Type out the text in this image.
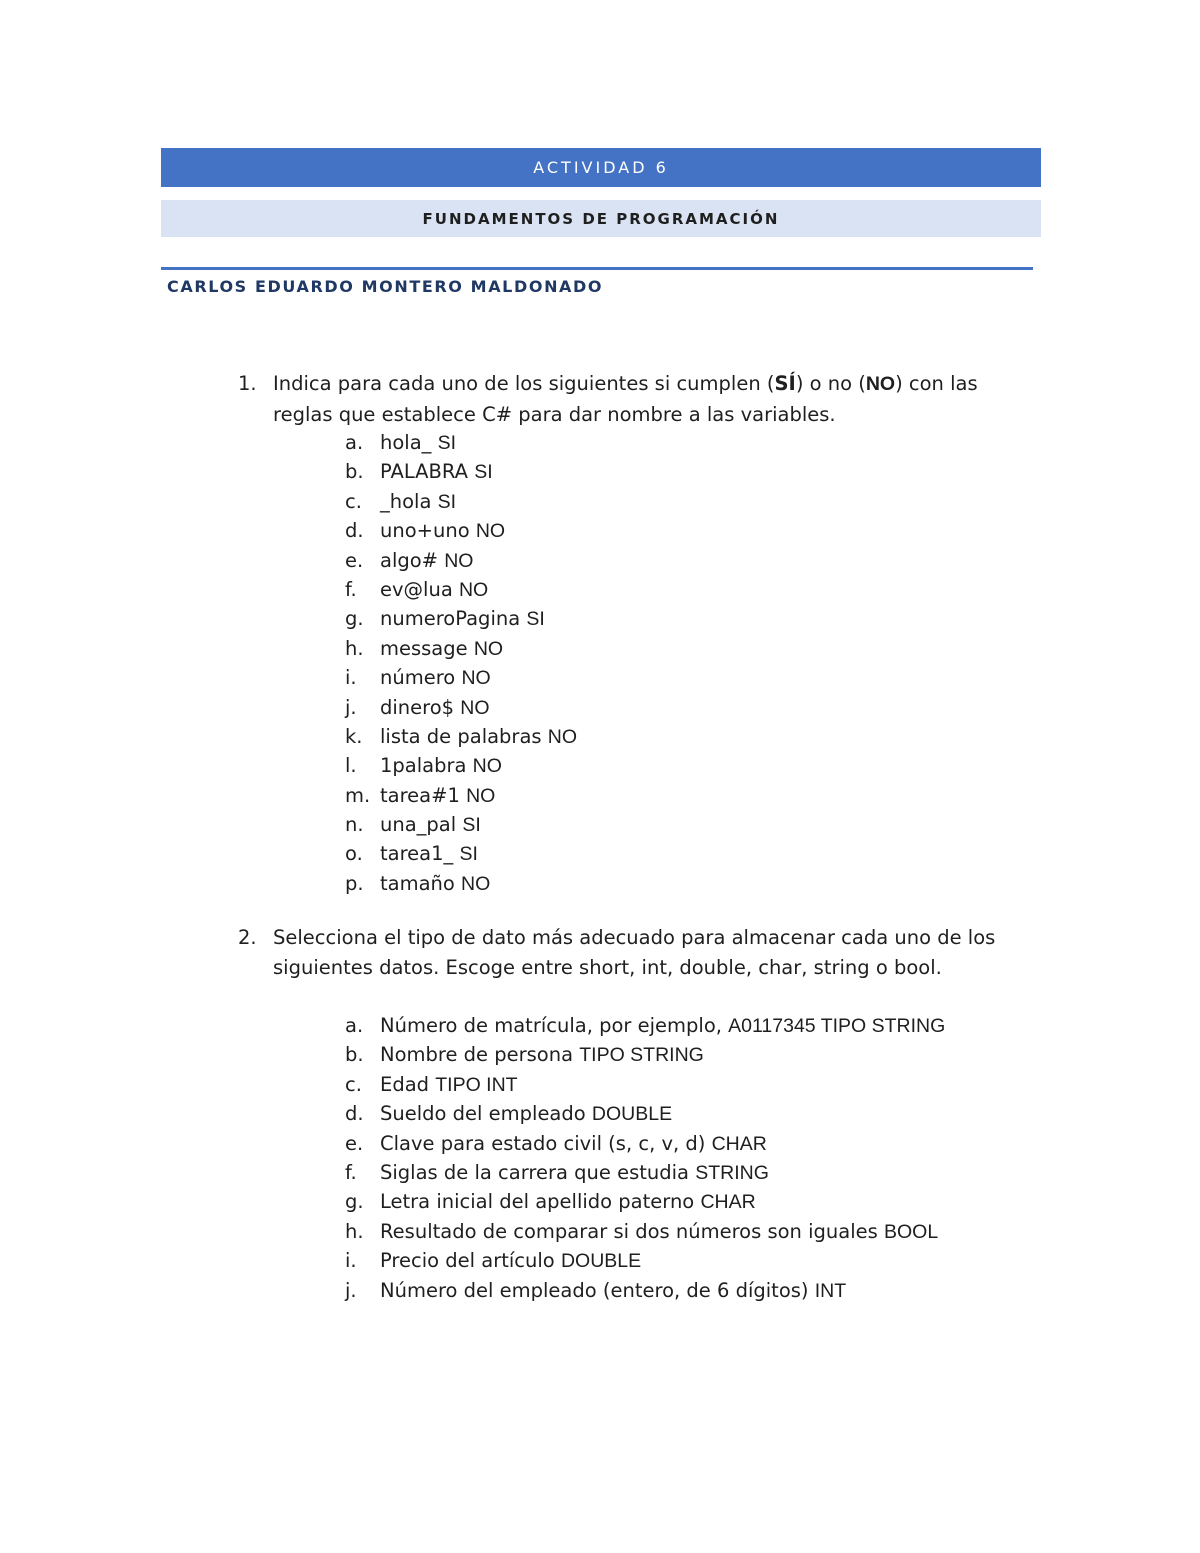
ACTIVIDAD 6
FUNDAMENTOS DE PROGRAMACIÓN
CARLOS EDUARDO MONTERO MALDONADO
1. Indica para cada uno de los siguientes si cumplen (SÍ) o no (NO) con las reglas que establece C# para dar nombre a las variables.
a. hola_ SI
b. PALABRA SI
c. _hola SI
d. uno+uno NO
e. algo# NO
f. ev@lua NO
g. numeroPagina SI
h. message NO
i. número NO
j. dinero$ NO
k. lista de palabras NO
l. 1palabra NO
m. tarea#1 NO
n. una_pal SI
o. tarea1_ SI
p. tamaño NO
2. Selecciona el tipo de dato más adecuado para almacenar cada uno de los siguientes datos. Escoge entre short, int, double, char, string o bool.
a. Número de matrícula, por ejemplo, A0117345 TIPO STRING
b. Nombre de persona TIPO STRING
c. Edad TIPO INT
d. Sueldo del empleado DOUBLE
e. Clave para estado civil (s, c, v, d) CHAR
f. Siglas de la carrera que estudia STRING
g. Letra inicial del apellido paterno CHAR
h. Resultado de comparar si dos números son iguales BOOL
i. Precio del artículo DOUBLE
j. Número del empleado (entero, de 6 dígitos) INT
